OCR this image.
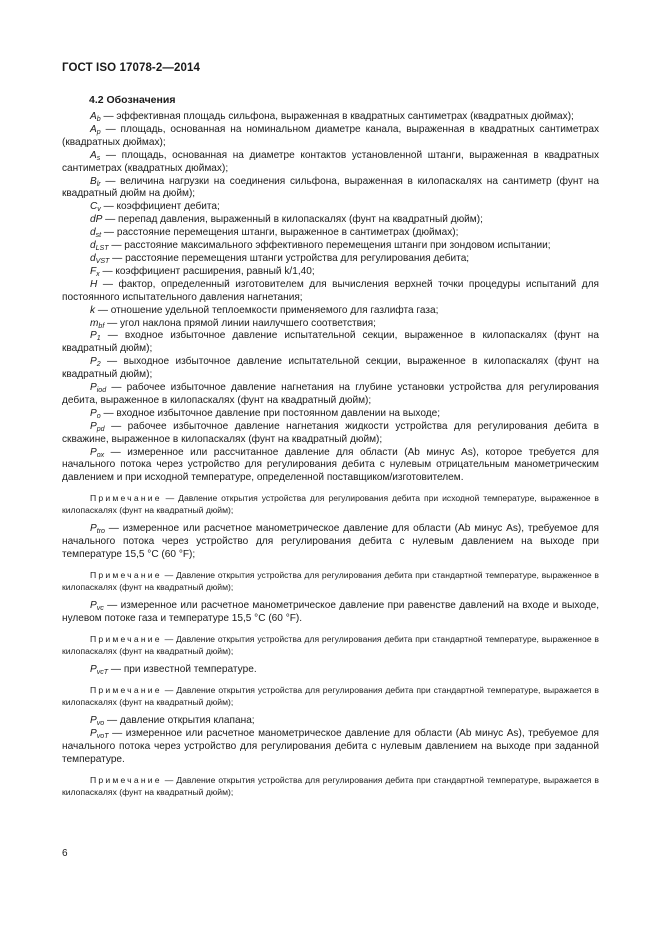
ГОСТ ISO 17078-2—2014
4.2 Обозначения

$A_b$ — эффективная площадь сильфона, выраженная в квадратных сантиметрах (квадратных дюймах);

$A_p$ — площадь, основанная на номинальном диаметре канала, выраженная в квадратных сантиметрах (квадратных дюймах);

$A_s$ — площадь, основанная на диаметре контактов установленной штанги, выраженная в квадратных сантиметрах (квадратных дюймах);

$B_{lr}$ — величина нагрузки на соединения сильфона, выраженная в килопаскалях на сантиметр (фунт на квадратный дюйм на дюйм);

$C_v$ — коэффициент дебита;

dP — перепад давления, выраженный в килопаскалях (фунт на квадратный дюйм);

$d_{st}$ — расстояние перемещения штанги, выраженное в сантиметрах (дюймах);

$d_{LST}$ — расстояние максимального эффективного перемещения штанги при зондовом испытании;

$d_{VST}$ — расстояние перемещения штанги устройства для регулирования дебита;

$F_x$ — коэффициент расширения, равный k/1,40;

H — фактор, определенный изготовителем для вычисления верхней точки процедуры испытаний для постоянного испытательного давления нагнетания;

k — отношение удельной теплоемкости применяемого для газлифта газа;

$m_{bf}$ — угол наклона прямой линии наилучшего соответствия;

$P_1$ — входное избыточное давление испытательной секции, выраженное в килопаскалях (фунт на квадратный дюйм);

$P_2$ — выходное избыточное давление испытательной секции, выраженное в килопаскалях (фунт на квадратный дюйм);

$P_{iod}$ — рабочее избыточное давление нагнетания на глубине установки устройства для регулирования дебита, выраженное в килопаскалях (фунт на квадратный дюйм);

$P_o$ — входное избыточное давление при постоянном давлении на выходе;

$P_{pd}$ — рабочее избыточное давление нагнетания жидкости устройства для регулирования дебита в скважине, выраженное в килопаскалях (фунт на квадратный дюйм);

$P_{ox}$ — измеренное или рассчитанное давление для области (Ab минус As), которое требуется для начального потока через устройство для регулирования дебита с нулевым отрицательным манометрическим давлением и при исходной температуре, определенной поставщиком/изготовителем.

Примечание — Давление открытия устройства для регулирования дебита при исходной температуре, выраженное в килопаскалях (фунт на квадратный дюйм);

$P_{tro}$ — измеренное или расчетное манометрическое давление для области (Ab минус As), требуемое для начального потока через устройство для регулирования дебита с нулевым давлением на выходе при температуре 15,5 °C (60 °F);

Примечание — Давление открытия устройства для регулирования дебита при стандартной температуре, выраженное в килопаскалях (фунт на квадратный дюйм);

$P_{vc}$ — измеренное или расчетное манометрическое давление при равенстве давлений на входе и выходе, нулевом потоке газа и температуре 15,5 °C (60 °F).

Примечание — Давление открытия устройства для регулирования дебита при стандартной температуре, выраженное в килопаскалях (фунт на квадратный дюйм);

$P_{vcT}$ — при известной температуре.

Примечание — Давление открытия устройства для регулирования дебита при стандартной температуре, выражается в килопаскалях (фунт на квадратный дюйм);

$P_{vo}$ — давление открытия клапана;

$P_{voT}$ — измеренное или расчетное манометрическое давление для области (Ab минус As), требуемое для начального потока через устройство для регулирования дебита с нулевым давлением на выходе при заданной температуре.

Примечание — Давление открытия устройства для регулирования дебита при стандартной температуре, выражается в килопаскалях (фунт на квадратный дюйм);

6
